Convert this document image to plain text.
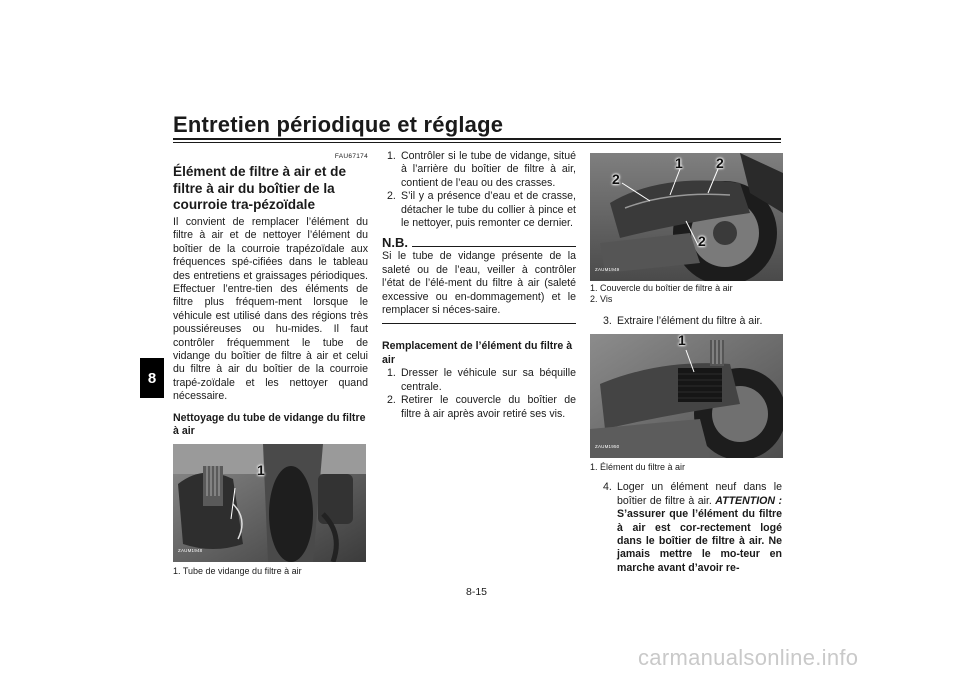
Entretien périodique et réglage
8
FAU67174
Élément de filtre à air et de filtre à air du boîtier de la courroie tra-pézoïdale

Il convient de remplacer l’élément du filtre à air et de nettoyer l’élément du boîtier de la courroie trapézoïdale aux fréquences spé-cifiées dans le tableau des entretiens et graissages périodiques. Effectuer l’entre-tien des éléments de filtre plus fréquem-ment lorsque le véhicule est utilisé dans des régions très poussiéreuses ou hu-mides. Il faut contrôler fréquemment le tube de vidange du boîtier de filtre à air et celui du filtre à air du boîtier de la courroie trapé-zoïdale et les nettoyer quand nécessaire.

Nettoyage du tube de vidange du filtre à air
1
ZAUM1948
1. Tube de vidange du filtre à air
1. Contrôler si le tube de vidange, situé à l’arrière du boîtier de filtre à air, contient de l’eau ou des crasses.
2. S’il y a présence d’eau et de crasse, détacher le tube du collier à pince et le nettoyer, puis remonter ce dernier.
N.B.

Si le tube de vidange présente de la saleté ou de l’eau, veiller à contrôler l’état de l’élé-ment du filtre à air (saleté excessive ou en-dommagement) et le remplacer si néces-saire.

Remplacement de l’élément du filtre à air
1. Dresser le véhicule sur sa béquille centrale.
2. Retirer le couvercle du boîtier de filtre à air après avoir retiré ses vis.
2
1 2
2
ZAUM1949
1. Couvercle du boîtier de filtre à air
2. Vis
3. Extraire l’élément du filtre à air.
1
ZAUM1950
1. Élément du filtre à air
4. Loger un élément neuf dans le boîtier de filtre à air. ATTENTION : S’assurer que l’élément du filtre à air est cor-rectement logé dans le boîtier de filtre à air. Ne jamais mettre le mo-teur en marche avant d’avoir re-
8-15
carmanualsonline.info
